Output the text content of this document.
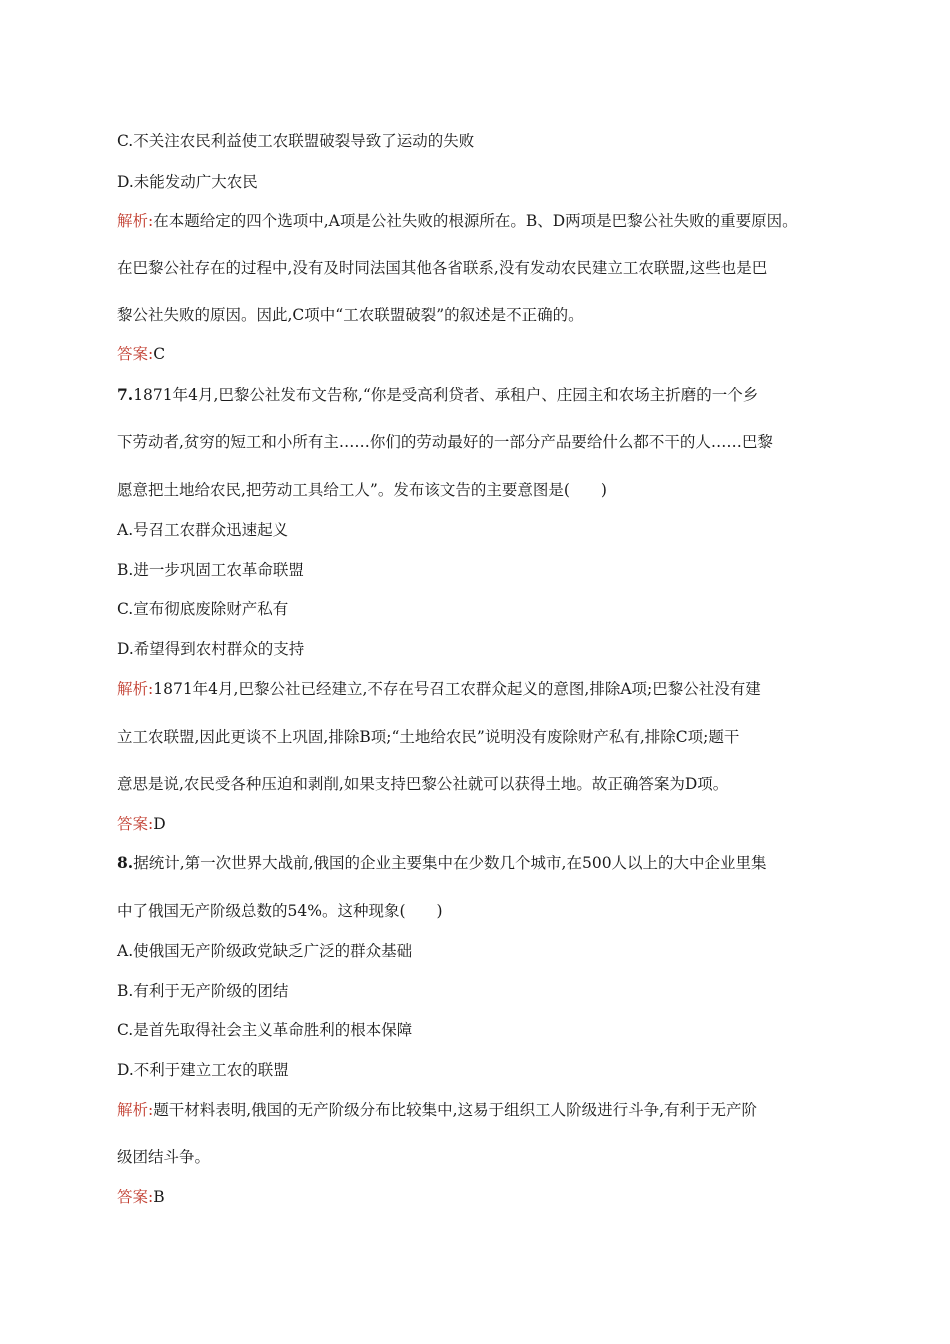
C.不关注农民利益使工农联盟破裂导致了运动的失败
D.未能发动广大农民
解析:在本题给定的四个选项中,A项是公社失败的根源所在。B、D两项是巴黎公社失败的重要原因。
在巴黎公社存在的过程中,没有及时同法国其他各省联系,没有发动农民建立工农联盟,这些也是巴
黎公社失败的原因。因此,C项中“工农联盟破裂”的叙述是不正确的。
答案:C
7.1871年4月,巴黎公社发布文告称,“你是受高利贷者、承租户、庄园主和农场主折磨的一个乡
下劳动者,贫穷的短工和小所有主……你们的劳动最好的一部分产品要给什么都不干的人……巴黎
愿意把土地给农民,把劳动工具给工人”。发布该文告的主要意图是(　　)
A.号召工农群众迅速起义
B.进一步巩固工农革命联盟
C.宣布彻底废除财产私有
D.希望得到农村群众的支持
解析:1871年4月,巴黎公社已经建立,不存在号召工农群众起义的意图,排除A项;巴黎公社没有建
立工农联盟,因此更谈不上巩固,排除B项;“土地给农民”说明没有废除财产私有,排除C项;题干
意思是说,农民受各种压迫和剥削,如果支持巴黎公社就可以获得土地。故正确答案为D项。
答案:D
8.据统计,第一次世界大战前,俄国的企业主要集中在少数几个城市,在500人以上的大中企业里集
中了俄国无产阶级总数的54%。这种现象(　　)
A.使俄国无产阶级政党缺乏广泛的群众基础
B.有利于无产阶级的团结
C.是首先取得社会主义革命胜利的根本保障
D.不利于建立工农的联盟
解析:题干材料表明,俄国的无产阶级分布比较集中,这易于组织工人阶级进行斗争,有利于无产阶
级团结斗争。
答案:B
